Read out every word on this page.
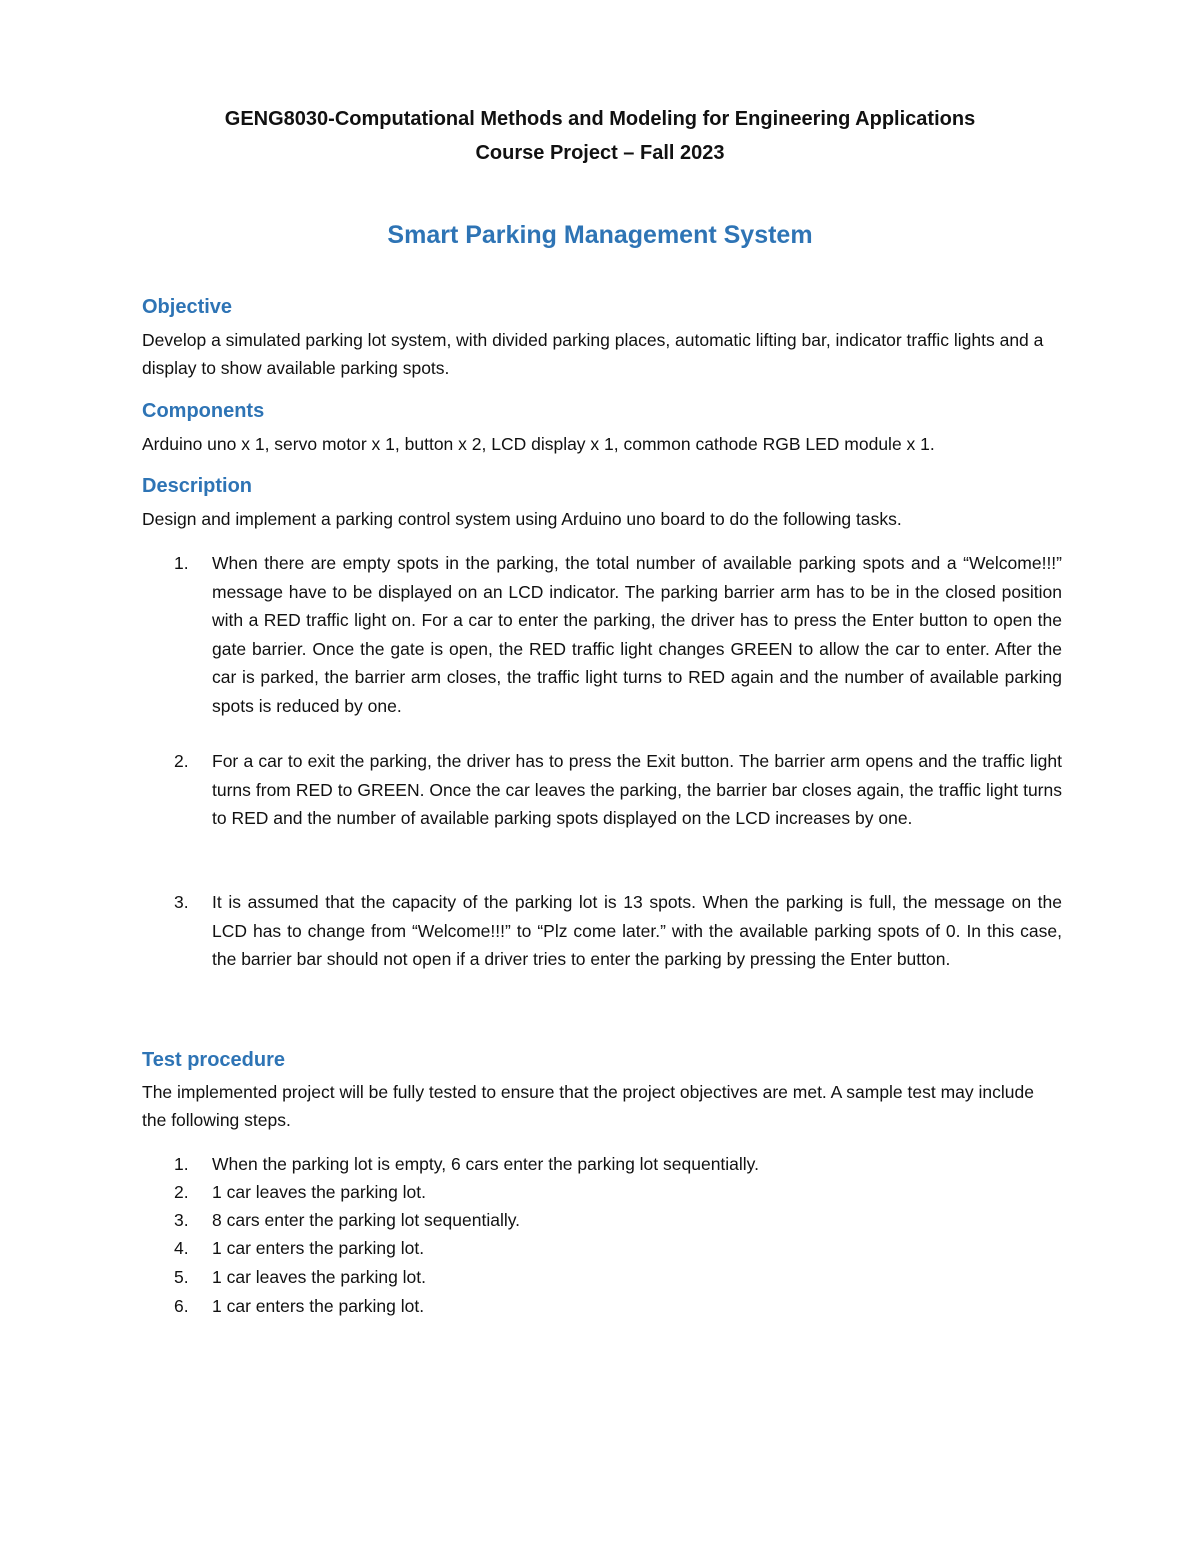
GENG8030-Computational Methods and Modeling for Engineering Applications
Course Project – Fall 2023
Smart Parking Management System
Objective
Develop a simulated parking lot system, with divided parking places, automatic lifting bar, indicator traffic lights and a display to show available parking spots.
Components
Arduino uno x 1, servo motor x 1, button x 2, LCD display x 1, common cathode RGB LED module x 1.
Description
Design and implement a parking control system using Arduino uno board to do the following tasks.
1. When there are empty spots in the parking, the total number of available parking spots and a “Welcome!!!” message have to be displayed on an LCD indicator. The parking barrier arm has to be in the closed position with a RED traffic light on. For a car to enter the parking, the driver has to press the Enter button to open the gate barrier. Once the gate is open, the RED traffic light changes GREEN to allow the car to enter. After the car is parked, the barrier arm closes, the traffic light turns to RED again and the number of available parking spots is reduced by one.
2. For a car to exit the parking, the driver has to press the Exit button. The barrier arm opens and the traffic light turns from RED to GREEN. Once the car leaves the parking, the barrier bar closes again, the traffic light turns to RED and the number of available parking spots displayed on the LCD increases by one.
3. It is assumed that the capacity of the parking lot is 13 spots. When the parking is full, the message on the LCD has to change from “Welcome!!!” to “Plz come later.” with the available parking spots of 0. In this case, the barrier bar should not open if a driver tries to enter the parking by pressing the Enter button.
Test procedure
The implemented project will be fully tested to ensure that the project objectives are met. A sample test may include the following steps.
1. When the parking lot is empty, 6 cars enter the parking lot sequentially.
2. 1 car leaves the parking lot.
3. 8 cars enter the parking lot sequentially.
4. 1 car enters the parking lot.
5. 1 car leaves the parking lot.
6. 1 car enters the parking lot.
